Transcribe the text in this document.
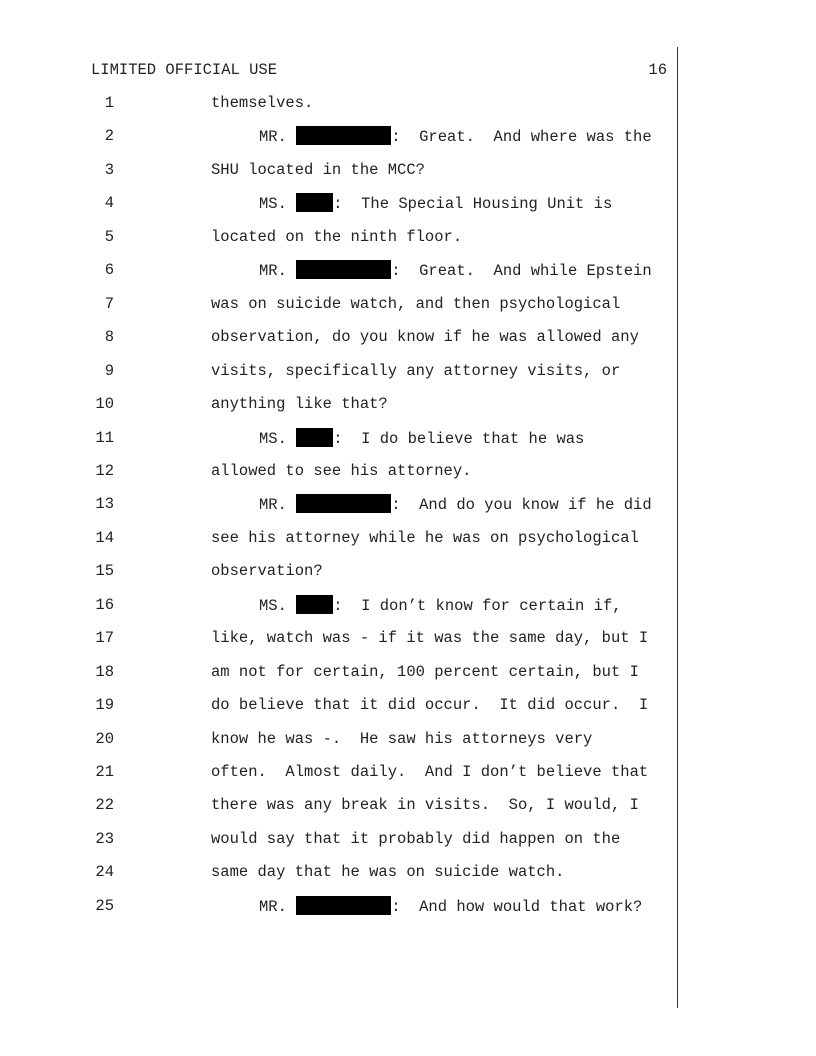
LIMITED OFFICIAL USE	16
1	themselves.
2	MR.	:  Great.  And where was the
3	SHU located in the MCC?
4	MS.	:  The Special Housing Unit is
5	located on the ninth floor.
6	MR.	:  Great.  And while Epstein
7	was on suicide watch, and then psychological
8	observation, do you know if he was allowed any
9	visits, specifically any attorney visits, or
10	anything like that?
11	MS.	:  I do believe that he was
12	allowed to see his attorney.
13	MR.	:  And do you know if he did
14	see his attorney while he was on psychological
15	observation?
16	MS.	:  I don’t know for certain if,
17	like, watch was - if it was the same day, but I
18	am not for certain, 100 percent certain, but I
19	do believe that it did occur.  It did occur.  I
20	know he was -.  He saw his attorneys very
21	often.  Almost daily.  And I don’t believe that
22	there was any break in visits.  So, I would, I
23	would say that it probably did happen on the
24	same day that he was on suicide watch.
25	MR.	:  And how would that work?
